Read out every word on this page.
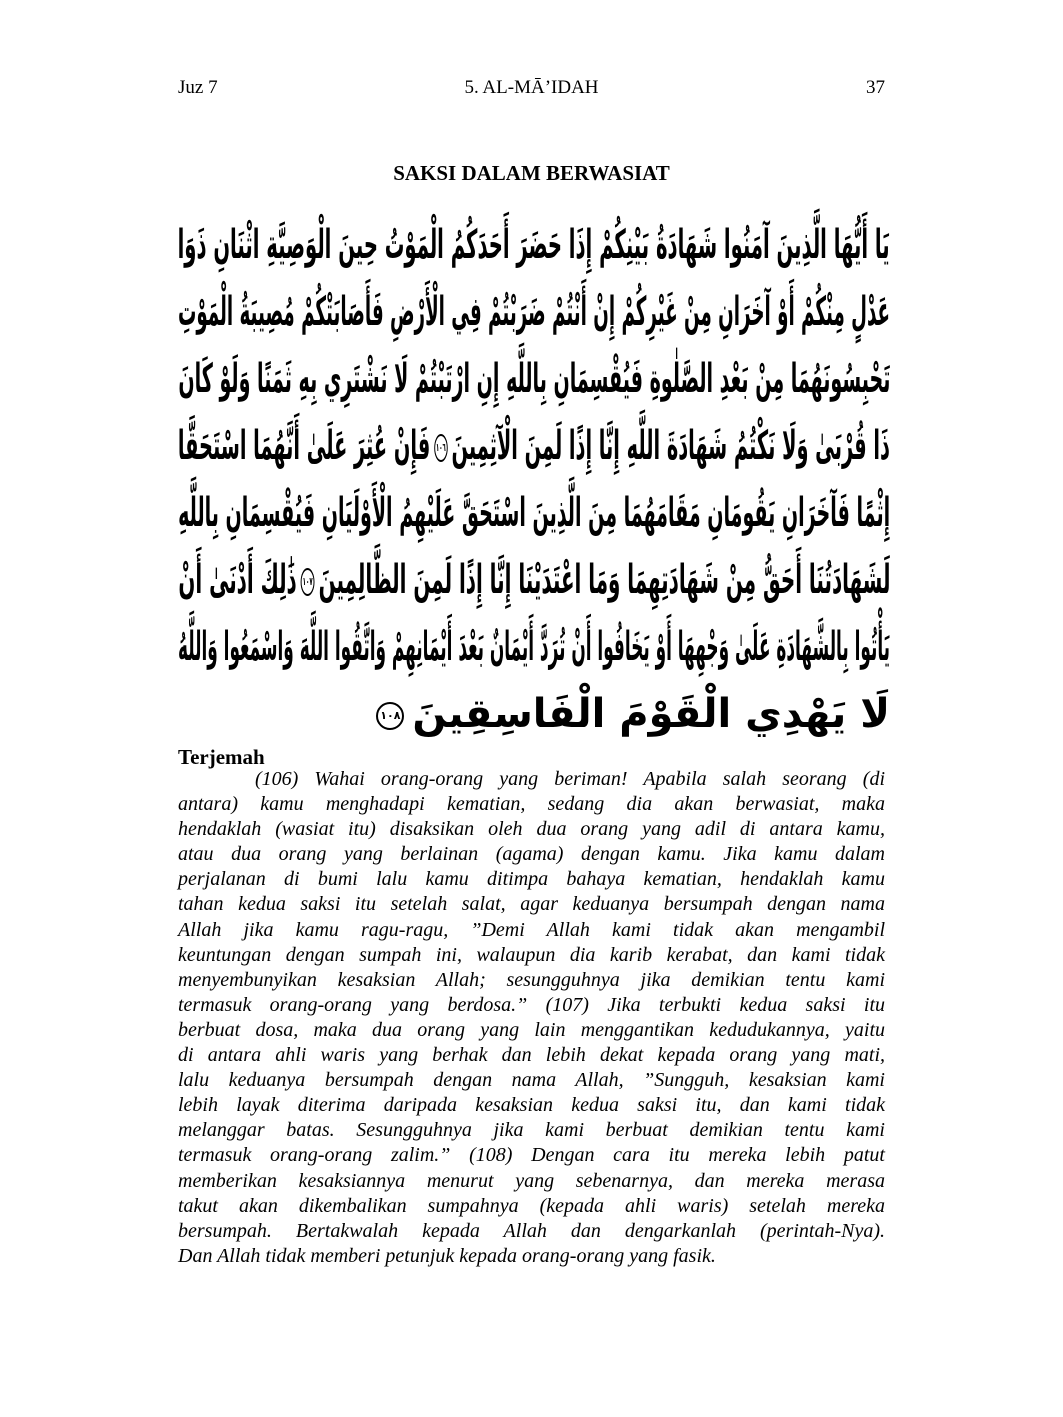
Juz 7	5. AL-MĀ’IDAH	37
SAKSI DALAM BERWASIAT
يَا أَيُّهَا الَّذِينَ آمَنُوا شَهَادَةُ بَيْنِكُمْ إِذَا حَضَرَ أَحَدَكُمُ الْمَوْتُ حِينَ الْوَصِيَّةِ اثْنَانِ ذَوَا
عَدْلٍ مِنْكُمْ أَوْ آخَرَانِ مِنْ غَيْرِكُمْ إِنْ أَنْتُمْ ضَرَبْتُمْ فِي الْأَرْضِ فَأَصَابَتْكُمْ مُصِيبَةُ الْمَوْتِ
تَحْبِسُونَهُمَا مِنْ بَعْدِ الصَّلٰوةِ فَيُقْسِمَانِ بِاللَّهِ إِنِ ارْتَبْتُمْ لَا نَشْتَرِي بِهِ ثَمَنًا وَلَوْ كَانَ
ذَا قُرْبَىٰ وَلَا نَكْتُمُ شَهَادَةَ اللَّهِ إِنَّا إِذًا لَمِنَ الْآثِمِينَ١٠٦فَإِنْ عُثِرَ عَلَىٰ أَنَّهُمَا اسْتَحَقَّا
إِثْمًا فَآخَرَانِ يَقُومَانِ مَقَامَهُمَا مِنَ الَّذِينَ اسْتَحَقَّ عَلَيْهِمُ الْأَوْلَيَانِ فَيُقْسِمَانِ بِاللَّهِ
لَشَهَادَتُنَا أَحَقُّ مِنْ شَهَادَتِهِمَا وَمَا اعْتَدَيْنَا إِنَّا إِذًا لَمِنَ الظَّالِمِينَ١٠٧ذَٰلِكَ أَدْنَىٰ أَنْ
يَأْتُوا بِالشَّهَادَةِ عَلَىٰ وَجْهِهَا أَوْ يَخَافُوا أَنْ تُرَدَّ أَيْمَانٌ بَعْدَ أَيْمَانِهِمْ وَاتَّقُوا اللَّهَ وَاسْمَعُوا وَاللَّهُ
لَا يَهْدِي الْقَوْمَ الْفَاسِقِينَ١٠٨
Terjemah
(106) Wahai orang-orang yang beriman! Apabila salah seorang (di
antara) kamu menghadapi kematian, sedang dia akan berwasiat, maka
hendaklah (wasiat itu) disaksikan oleh dua orang yang adil di antara kamu,
atau dua orang yang berlainan (agama) dengan kamu. Jika kamu dalam
perjalanan di bumi lalu kamu ditimpa bahaya kematian, hendaklah kamu
tahan kedua saksi itu setelah salat, agar keduanya bersumpah dengan nama
Allah jika kamu ragu-ragu, ”Demi Allah kami tidak akan mengambil
keuntungan dengan sumpah ini, walaupun dia karib kerabat, dan kami tidak
menyembunyikan kesaksian Allah; sesungguhnya jika demikian tentu kami
termasuk orang-orang yang berdosa.” (107) Jika terbukti kedua saksi itu
berbuat dosa, maka dua orang yang lain menggantikan kedudukannya, yaitu
di antara ahli waris yang berhak dan lebih dekat kepada orang yang mati,
lalu keduanya bersumpah dengan nama Allah, ”Sungguh, kesaksian kami
lebih layak diterima daripada kesaksian kedua saksi itu, dan kami tidak
melanggar batas. Sesungguhnya jika kami berbuat demikian tentu kami
termasuk orang-orang zalim.” (108) Dengan cara itu mereka lebih patut
memberikan kesaksiannya menurut yang sebenarnya, dan mereka merasa
takut akan dikembalikan sumpahnya (kepada ahli waris) setelah mereka
bersumpah. Bertakwalah kepada Allah dan dengarkanlah (perintah-Nya).
Dan Allah tidak memberi petunjuk kepada orang-orang yang fasik.
